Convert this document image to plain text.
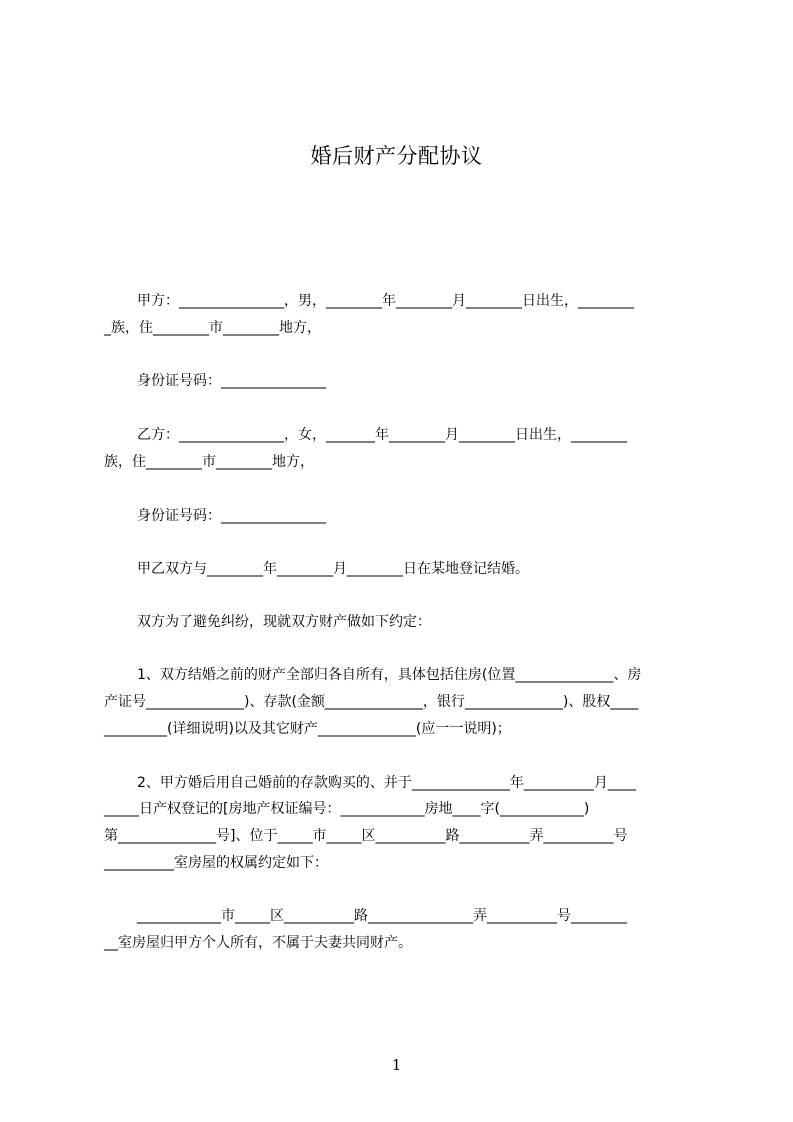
婚后财产分配协议
甲方：_______________，男，________年________月________日出生，________
_族，住________市________地方，
身份证号码：_______________
乙方：_______________，女，_______年________月________日出生，________
族，住________市________地方，
身份证号码：_______________
甲乙双方与________年________月________日在某地登记结婚。
双方为了避免纠纷，现就双方财产做如下约定：
1、双方结婚之前的财产全部归各自所有，具体包括住房(位置______________、房
产证号______________)、存款(金额______________，银行______________)、股权____
_________(详细说明)以及其它财产______________(应一一说明)；
2、甲方婚后用自己婚前的存款购买的、并于______________年__________月____
_____日产权登记的[房地产权证编号：____________房地____字(____________)
第______________号]、位于_____市_____区__________路__________弄__________号
__________室房屋的权属约定如下：
____________市_____区__________路_______________弄__________号________
__室房屋归甲方个人所有，不属于夫妻共同财产。
1
